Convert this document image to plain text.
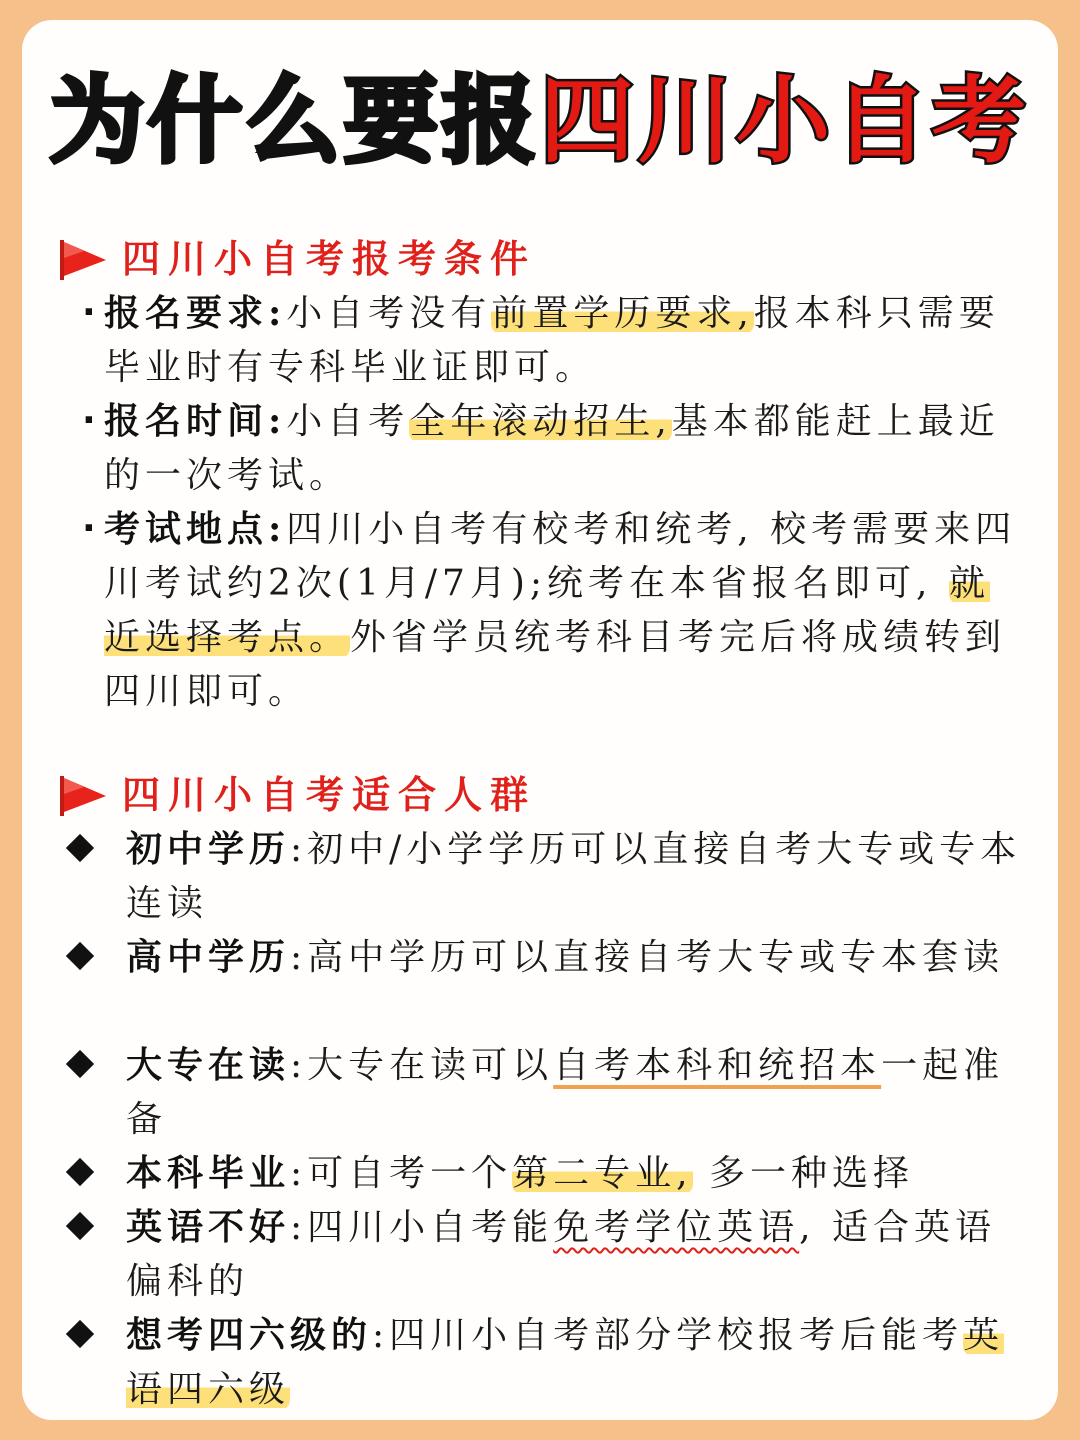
为什么要报四川小自考
四川小自考报考条件
· 报名要求:小自考没有前置学历要求,报本科只需要毕业时有专科毕业证即可。
· 报名时间:小自考全年滚动招生,基本都能赶上最近的一次考试。
· 考试地点:四川小自考有校考和统考, 校考需要来四川考试约2次(1月/7月);统考在本省报名即可, 就近选择考点。外省学员统考科目考完后将成绩转到四川即可。
四川小自考适合人群
初中学历:初中/小学学历可以直接自考大专或专本连读
高中学历:高中学历可以直接自考大专或专本套读
大专在读:大专在读可以自考本科和统招本一起准备
本科毕业:可自考一个第二专业, 多一种选择
英语不好:四川小自考能免考学位英语, 适合英语偏科的
想考四六级的:四川小自考部分学校报考后能考英语四六级
